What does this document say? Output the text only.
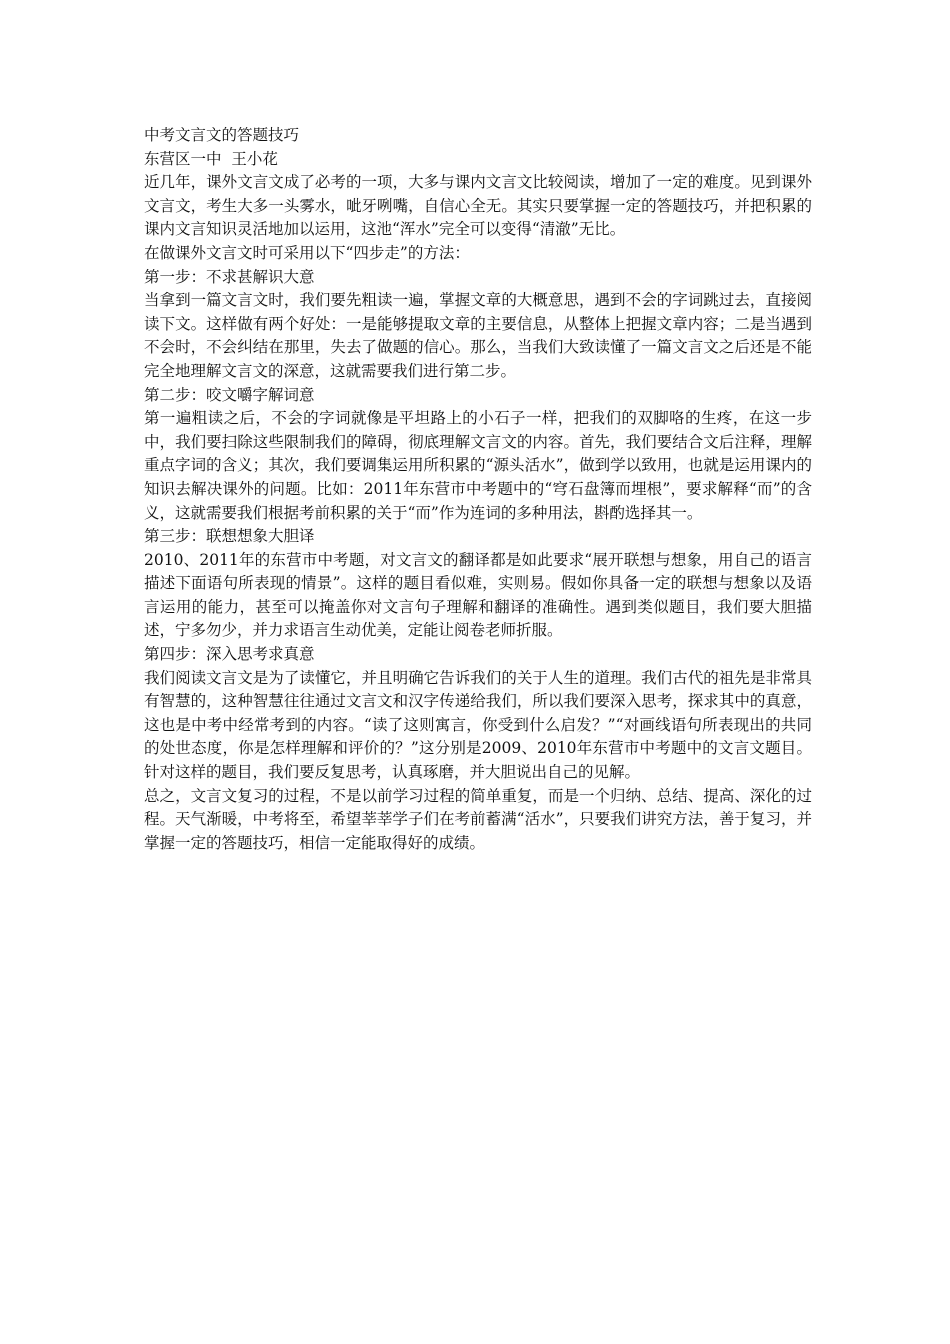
中考文言文的答题技巧

东营区一中  王小花

近几年，课外文言文成了必考的一项，大多与课内文言文比较阅读，增加了一定的难度。见到课外文言文，考生大多一头雾水，呲牙咧嘴，自信心全无。其实只要掌握一定的答题技巧，并把积累的课内文言知识灵活地加以运用，这池“浑水”完全可以变得“清澈”无比。

在做课外文言文时可采用以下“四步走”的方法：

第一步：不求甚解识大意

当拿到一篇文言文时，我们要先粗读一遍，掌握文章的大概意思，遇到不会的字词跳过去，直接阅读下文。这样做有两个好处：一是能够提取文章的主要信息，从整体上把握文章内容；二是当遇到不会时，不会纠结在那里，失去了做题的信心。那么，当我们大致读懂了一篇文言文之后还是不能完全地理解文言文的深意，这就需要我们进行第二步。

第二步：咬文嚼字解词意

第一遍粗读之后，不会的字词就像是平坦路上的小石子一样，把我们的双脚咯的生疼，在这一步中，我们要扫除这些限制我们的障碍，彻底理解文言文的内容。首先，我们要结合文后注释，理解重点字词的含义；其次，我们要调集运用所积累的“源头活水”，做到学以致用，也就是运用课内的知识去解决课外的问题。比如：2011年东营市中考题中的“穹石盘簿而埋根”，要求解释“而”的含义，这就需要我们根据考前积累的关于“而”作为连词的多种用法，斟酌选择其一。

第三步：联想想象大胆译

2010、2011年的东营市中考题，对文言文的翻译都是如此要求“展开联想与想象，用自己的语言描述下面语句所表现的情景”。这样的题目看似难，实则易。假如你具备一定的联想与想象以及语言运用的能力，甚至可以掩盖你对文言句子理解和翻译的准确性。遇到类似题目，我们要大胆描述，宁多勿少，并力求语言生动优美，定能让阅卷老师折服。

第四步：深入思考求真意

我们阅读文言文是为了读懂它，并且明确它告诉我们的关于人生的道理。我们古代的祖先是非常具有智慧的，这种智慧往往通过文言文和汉字传递给我们，所以我们要深入思考，探求其中的真意，这也是中考中经常考到的内容。“读了这则寓言，你受到什么启发？”“对画线语句所表现出的共同的处世态度，你是怎样理解和评价的？”这分别是2009、2010年东营市中考题中的文言文题目。针对这样的题目，我们要反复思考，认真琢磨，并大胆说出自己的见解。

总之，文言文复习的过程，不是以前学习过程的简单重复，而是一个归纳、总结、提高、深化的过程。天气渐暖，中考将至，希望莘莘学子们在考前蓄满“活水”，只要我们讲究方法，善于复习，并掌握一定的答题技巧，相信一定能取得好的成绩。
